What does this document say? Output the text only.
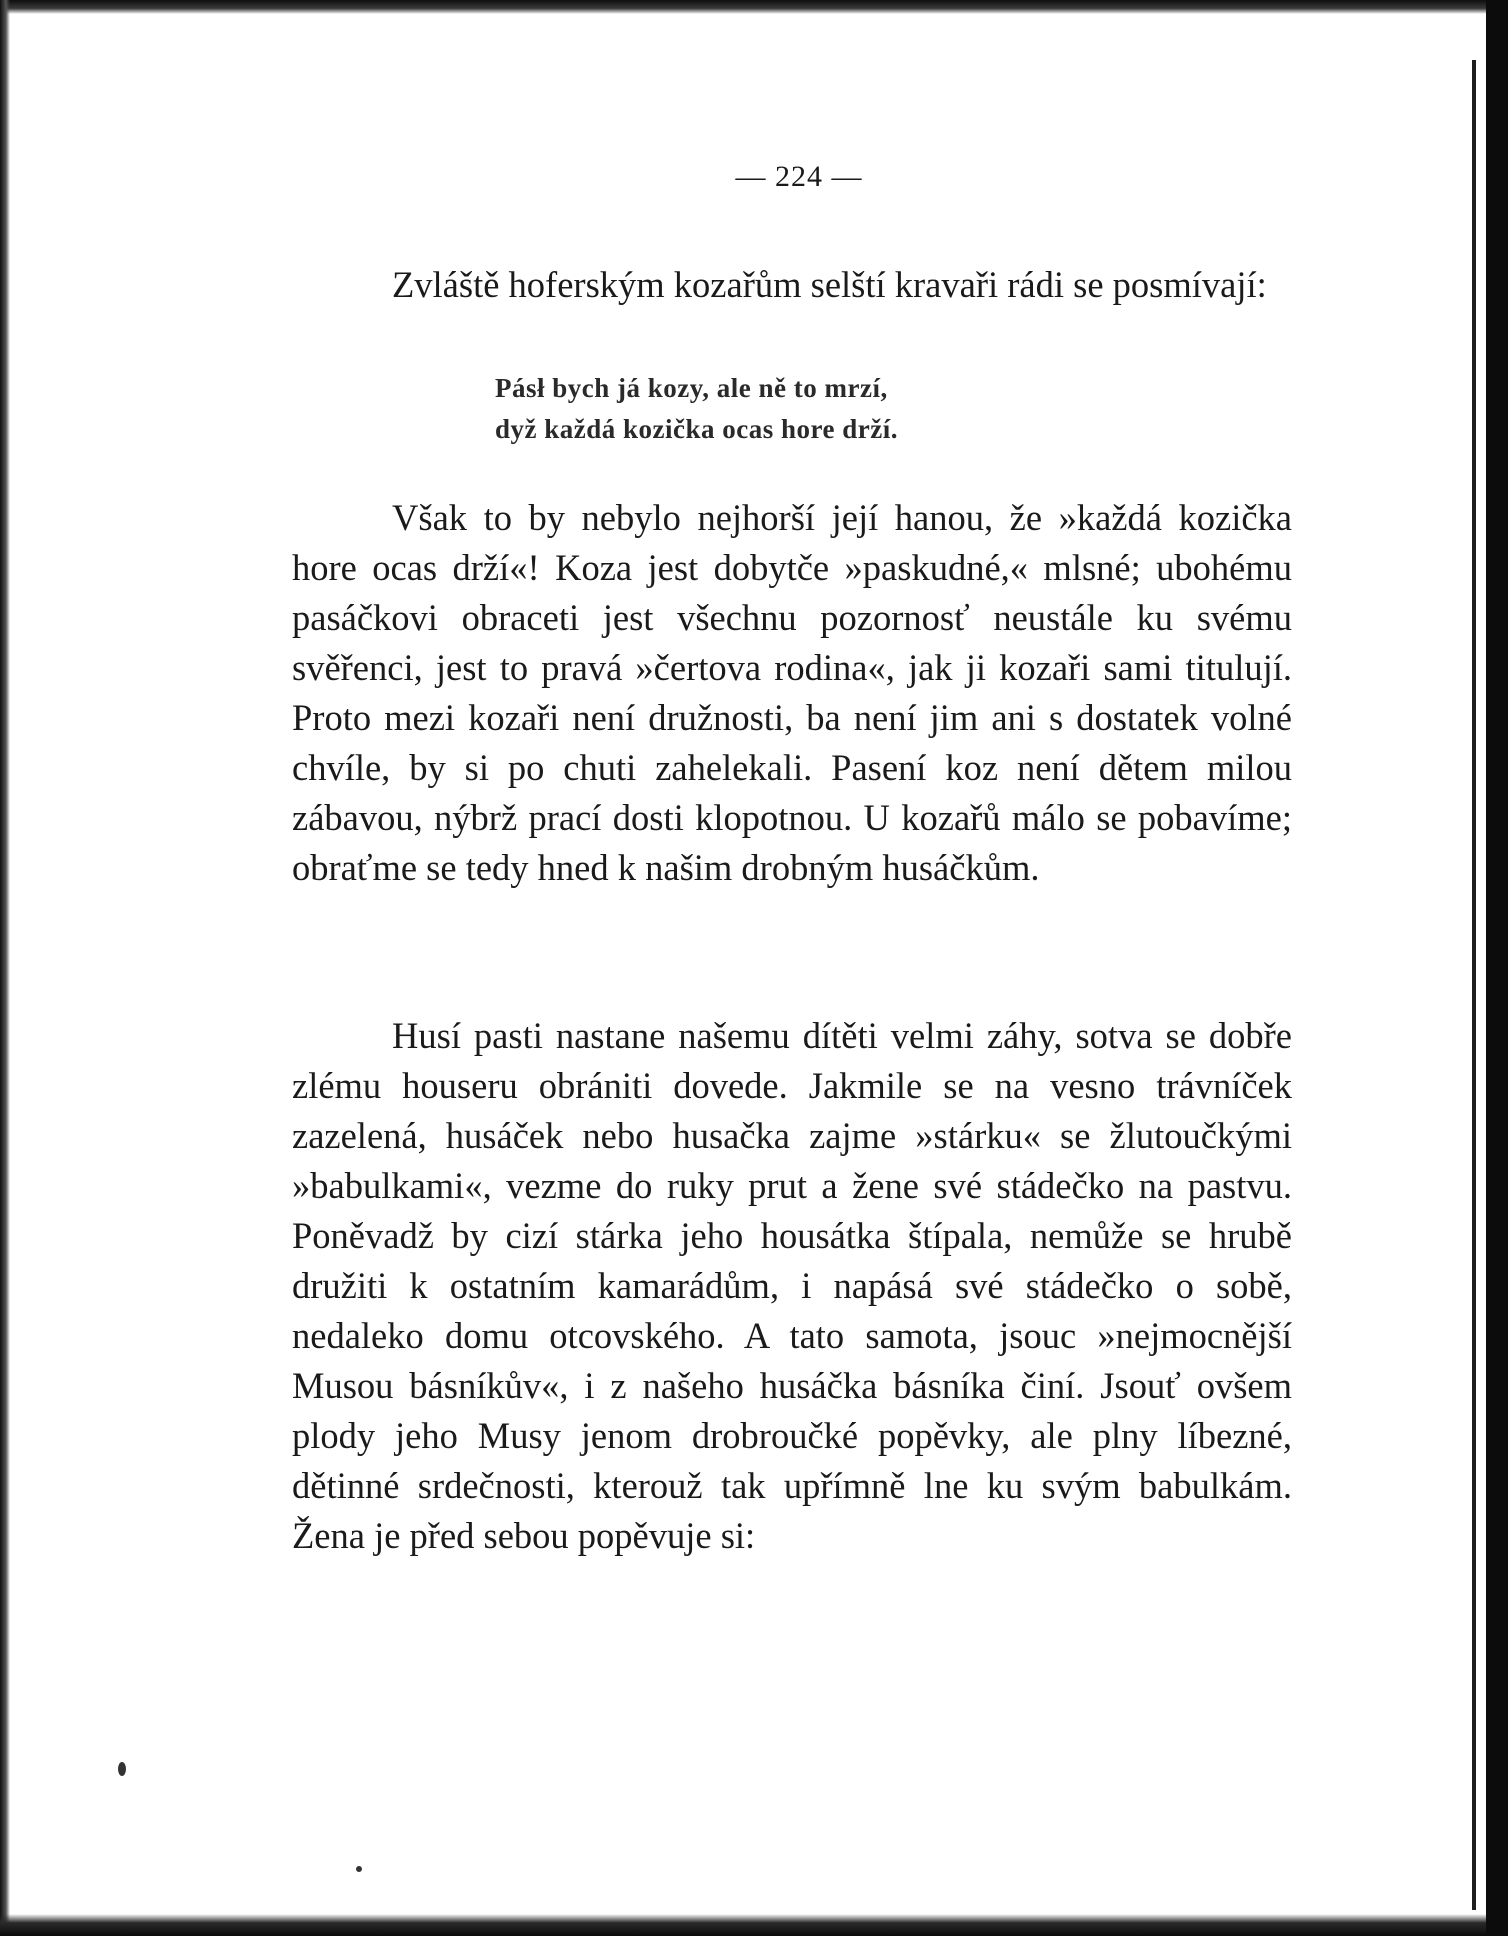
— 224 —

Zvláště hoferským kozařům selští kravaři rádi se posmívají:

Pásł bych já kozy, ale ně to mrzí,
dyž každá kozička ocas hore drží.

Však to by nebylo nejhorší její hanou, že »každá kozička hore ocas drží«! Koza jest dobytče »paskudné,« mlsné; ubohému pasáčkovi obraceti jest všechnu pozornosť neustále ku svému svěřenci, jest to pravá »čertova rodina«, jak ji kozaři sami titulují. Proto mezi kozaři není družnosti, ba není jim ani s dostatek volné chvíle, by si po chuti zahelekali. Pasení koz není dětem milou zábavou, nýbrž prací dosti klopotnou. U kozařů málo se pobavíme; obraťme se tedy hned k našim drobným husáčkům.

Husí pasti nastane našemu dítěti velmi záhy, sotva se dobře zlému houseru obrániti dovede. Jakmile se na vesno trávníček zazelená, husáček nebo husačka zajme »stárku« se žlutoučkými »babulkami«, vezme do ruky prut a žene své stádečko na pastvu. Poněvadž by cizí stárka jeho housátka štípala, nemůže se hrubě družiti k ostatním kamarádům, i napásá své stádečko o sobě, nedaleko domu otcovského. A tato samota, jsouc »nejmocnější Musou básníkův«, i z našeho husáčka básníka činí. Jsouť ovšem plody jeho Musy jenom drobroučké popěvky, ale plny líbezné, dětinné srdečnosti, kterouž tak upřímně lne ku svým babulkám. Žena je před sebou popěvuje si:
